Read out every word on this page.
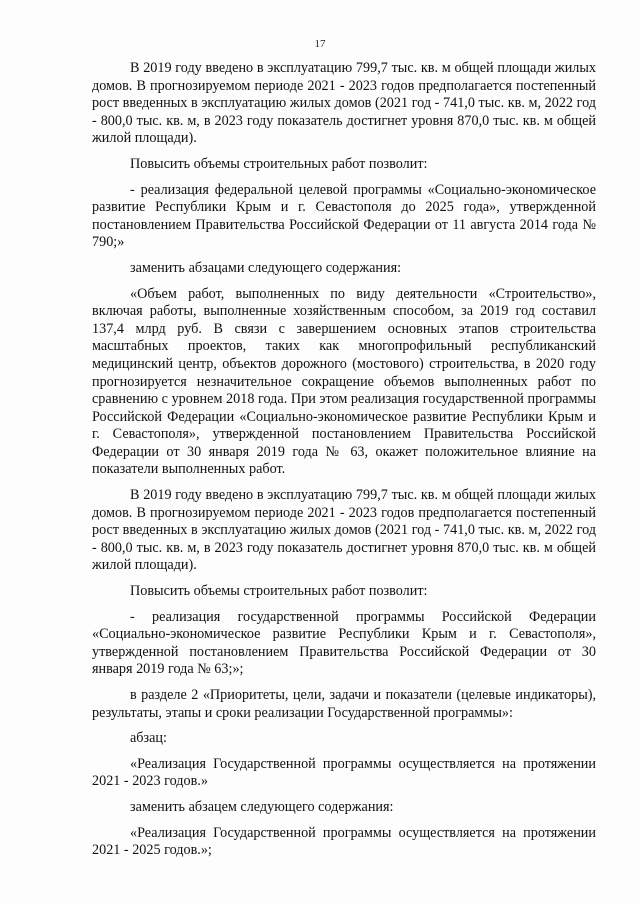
17

В 2019 году введено в эксплуатацию 799,7 тыс. кв. м общей площади жилых домов. В прогнозируемом периоде 2021 - 2023 годов предполагается постепенный рост введенных в эксплуатацию жилых домов (2021 год - 741,0 тыс. кв. м, 2022 год - 800,0 тыс. кв. м, в 2023 году показатель достигнет уровня 870,0 тыс. кв. м общей жилой площади).

Повысить объемы строительных работ позволит:

- реализация федеральной целевой программы «Социально-экономическое развитие Республики Крым и г. Севастополя до 2025 года», утвержденной постановлением Правительства Российской Федерации от 11 августа 2014 года № 790;»

заменить абзацами следующего содержания:

«Объем работ, выполненных по виду деятельности «Строительство», включая работы, выполненные хозяйственным способом, за 2019 год составил 137,4 млрд руб. В связи с завершением основных этапов строительства масштабных проектов, таких как многопрофильный республиканский медицинский центр, объектов дорожного (мостового) строительства, в 2020 году прогнозируется незначительное сокращение объемов выполненных работ по сравнению с уровнем 2018 года. При этом реализация государственной программы Российской Федерации «Социально-экономическое развитие Республики Крым и г. Севастополя», утвержденной постановлением Правительства Российской Федерации от 30 января 2019 года № 63, окажет положительное влияние на показатели выполненных работ.

В 2019 году введено в эксплуатацию 799,7 тыс. кв. м общей площади жилых домов. В прогнозируемом периоде 2021 - 2023 годов предполагается постепенный рост введенных в эксплуатацию жилых домов (2021 год - 741,0 тыс. кв. м, 2022 год - 800,0 тыс. кв. м, в 2023 году показатель достигнет уровня 870,0 тыс. кв. м общей жилой площади).

Повысить объемы строительных работ позволит:

- реализация государственной программы Российской Федерации «Социально-экономическое развитие Республики Крым и г. Севастополя», утвержденной постановлением Правительства Российской Федерации от 30 января 2019 года № 63;»;

в разделе 2 «Приоритеты, цели, задачи и показатели (целевые индикаторы), результаты, этапы и сроки реализации Государственной программы»:

абзац:

«Реализация Государственной программы осуществляется на протяжении 2021 - 2023 годов.»

заменить абзацем следующего содержания:

«Реализация Государственной программы осуществляется на протяжении 2021 - 2025 годов.»;
